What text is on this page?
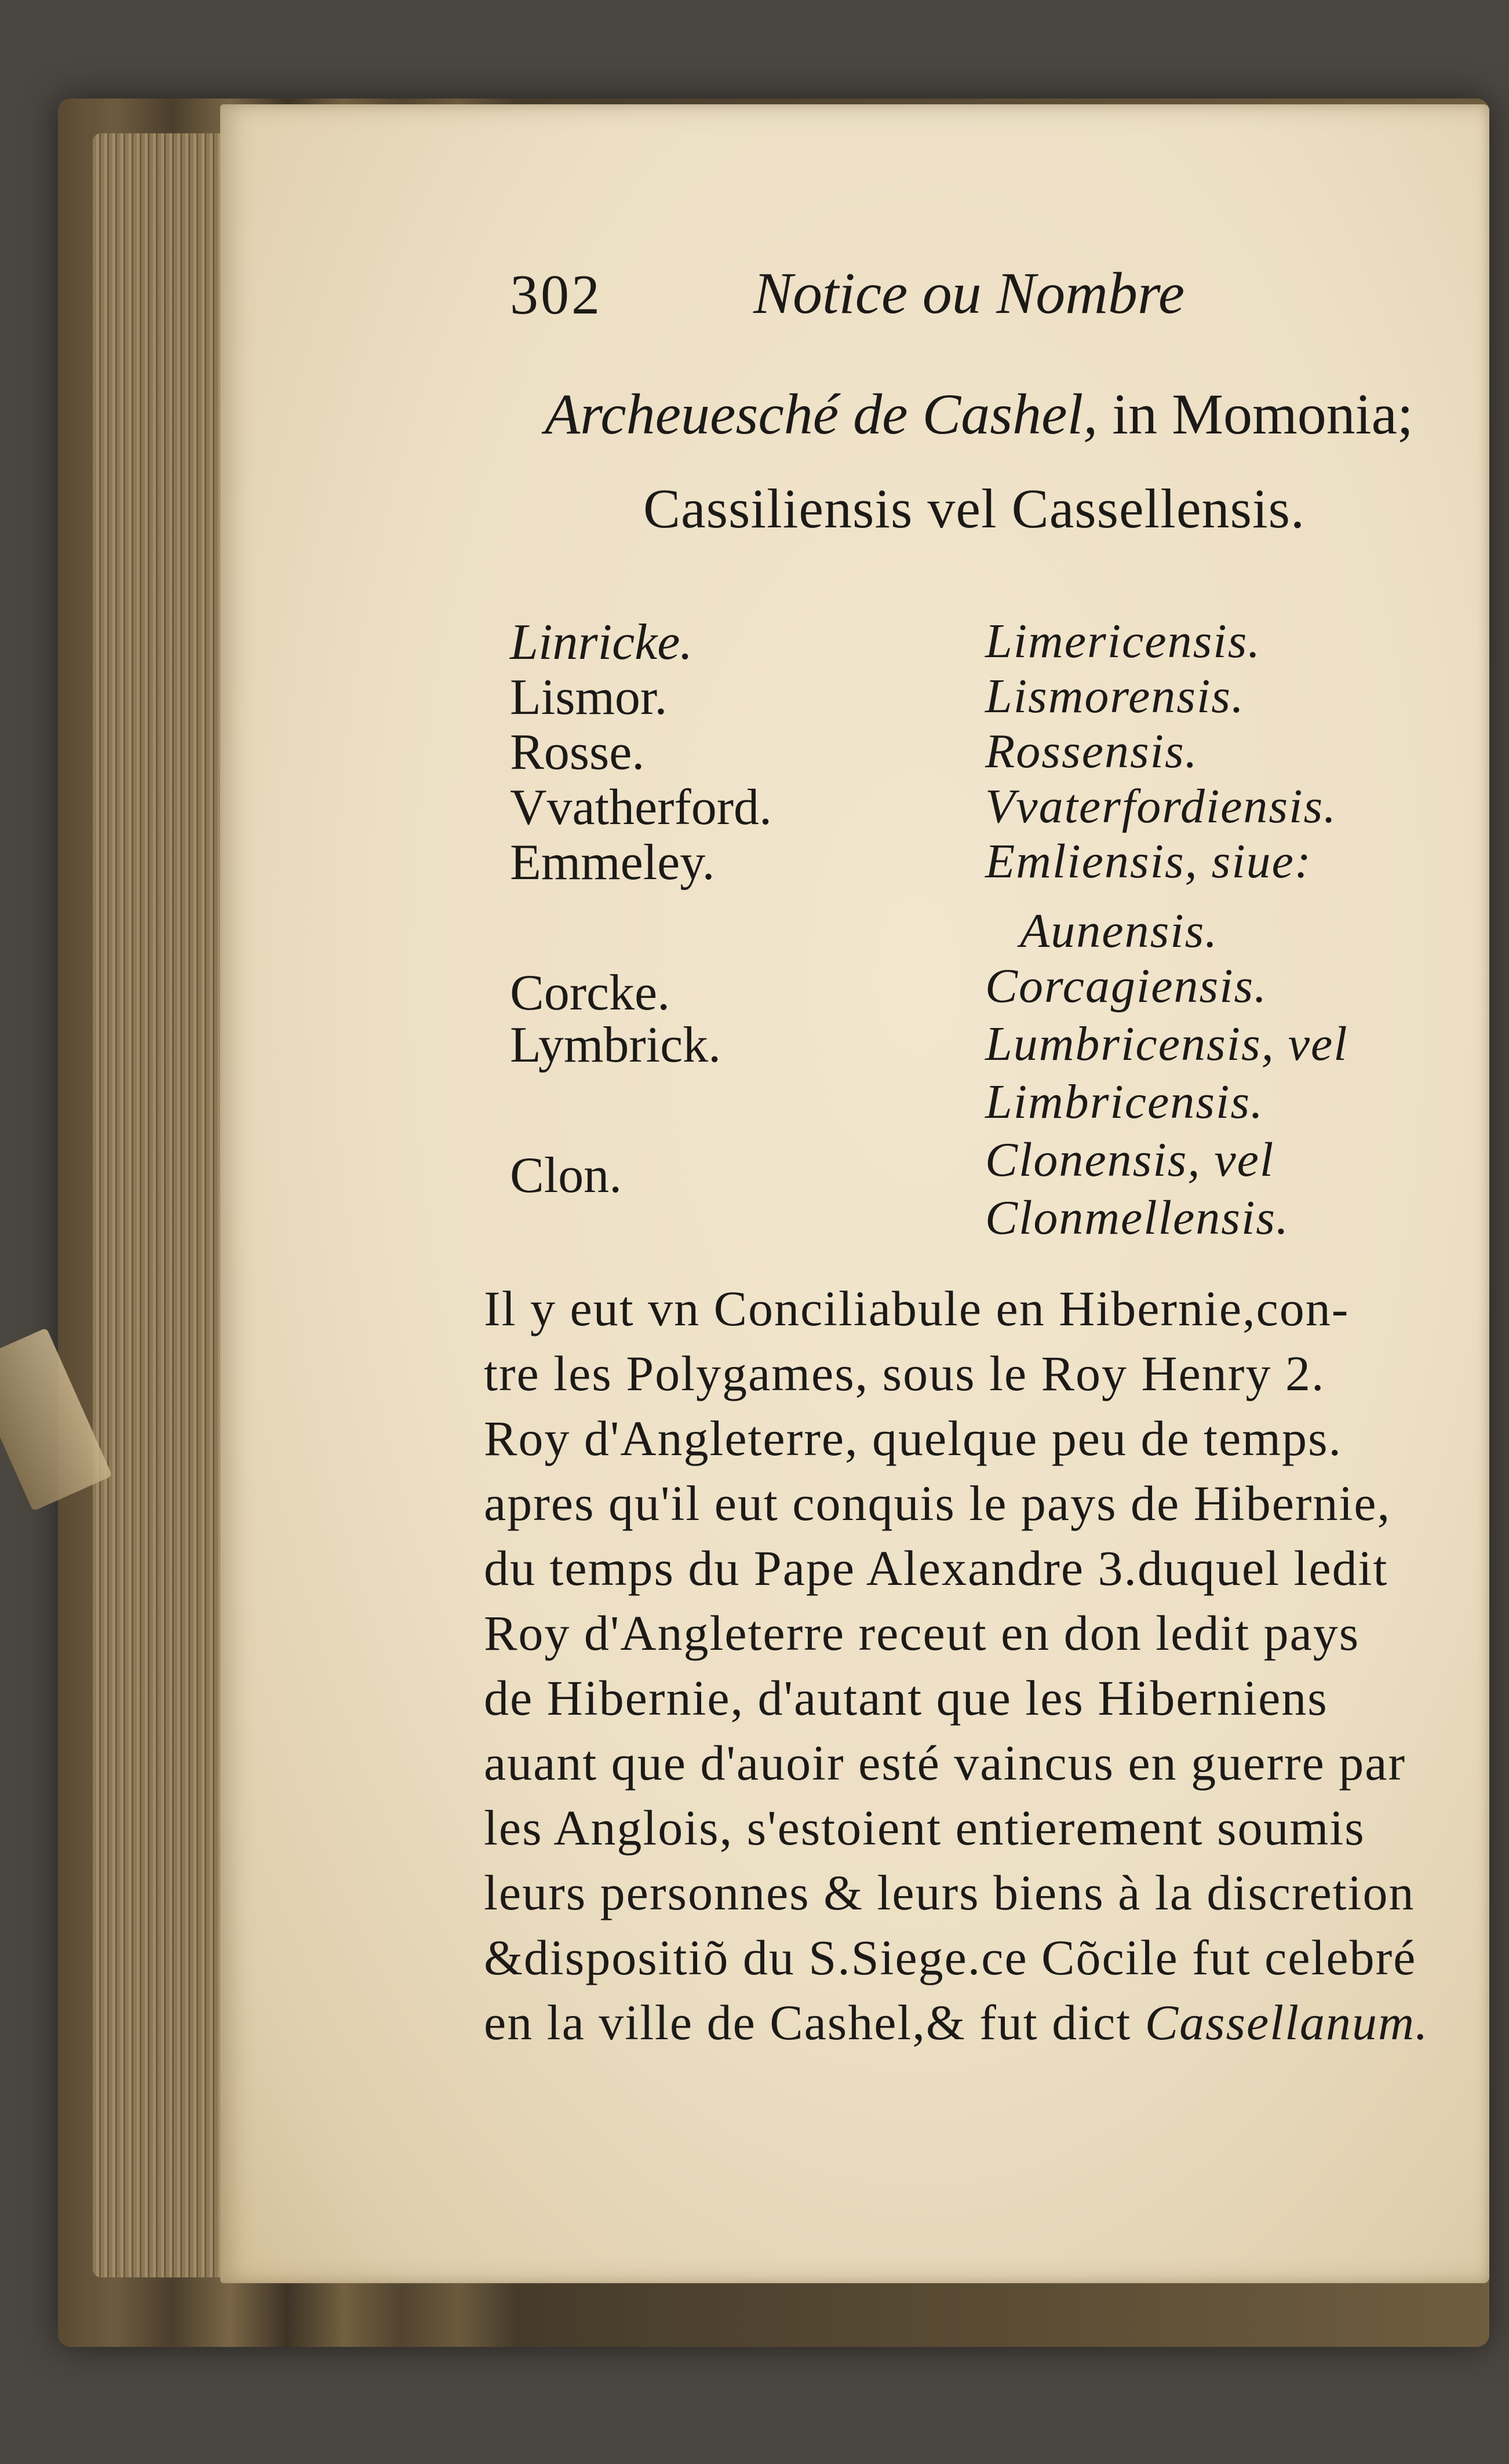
302	Notice ou Nombre
Archeuesché de Cashel, in Momonia;
Cassiliensis vel Cassellensis.
Linricke.	Limericensis.
Lismor.	Lismorensis.
Rosse.	Rossensis.
Vvatherford.	Vvaterfordiensis.
Emmeley.	Emliensis, siue:
Aunensis.
Corcke.	Corcagiensis.
Lymbrick.	Lumbricensis, vel
Limbricensis.
Clon.	Clonensis, vel
Clonmellensis.
Il y eut vn Conciliabule en Hibernie,con-
tre les Polygames, sous le Roy Henry 2.
Roy d'Angleterre, quelque peu de temps.
apres qu'il eut conquis le pays de Hibernie,
du temps du Pape Alexandre 3.duquel ledit
Roy d'Angleterre receut en don ledit pays
de Hibernie, d'autant que les Hiberniens
auant que d'auoir esté vaincus en guerre par
les Anglois, s'estoient entierement soumis
leurs personnes & leurs biens à la discretion
&dispositiõ du S.Siege.ce Cõcile fut celebré
en la ville de Cashel,& fut dict Cassellanum.
